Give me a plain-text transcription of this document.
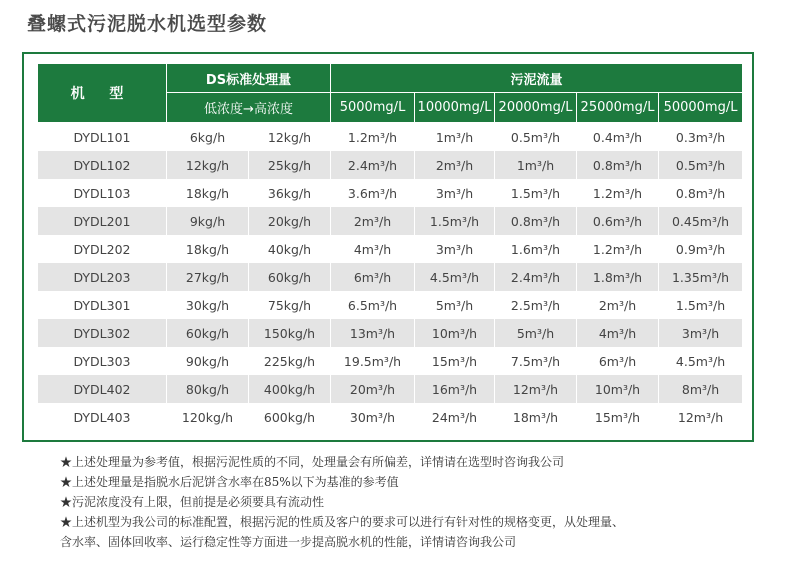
叠螺式污泥脱水机选型参数
机 型	DS标准处理量		污泥流量				
	低浓度→高浓度		5000mg/L	10000mg/L	20000mg/L	25000mg/L	50000mg/L
DYDL101	6kg/h	12kg/h	1.2m³/h	1m³/h	0.5m³/h	0.4m³/h	0.3m³/h
DYDL102	12kg/h	25kg/h	2.4m³/h	2m³/h	1m³/h	0.8m³/h	0.5m³/h
DYDL103	18kg/h	36kg/h	3.6m³/h	3m³/h	1.5m³/h	1.2m³/h	0.8m³/h
DYDL201	9kg/h	20kg/h	2m³/h	1.5m³/h	0.8m³/h	0.6m³/h	0.45m³/h
DYDL202	18kg/h	40kg/h	4m³/h	3m³/h	1.6m³/h	1.2m³/h	0.9m³/h
DYDL203	27kg/h	60kg/h	6m³/h	4.5m³/h	2.4m³/h	1.8m³/h	1.35m³/h
DYDL301	30kg/h	75kg/h	6.5m³/h	5m³/h	2.5m³/h	2m³/h	1.5m³/h
DYDL302	60kg/h	150kg/h	13m³/h	10m³/h	5m³/h	4m³/h	3m³/h
DYDL303	90kg/h	225kg/h	19.5m³/h	15m³/h	7.5m³/h	6m³/h	4.5m³/h
DYDL402	80kg/h	400kg/h	20m³/h	16m³/h	12m³/h	10m³/h	8m³/h
DYDL403	120kg/h	600kg/h	30m³/h	24m³/h	18m³/h	15m³/h	12m³/h

★上述处理量为参考值，根据污泥性质的不同，处理量会有所偏差，详情请在选型时咨询我公司

★上述处理量是指脱水后泥饼含水率在85%以下为基准的参考值

★污泥浓度没有上限，但前提是必须要具有流动性

★上述机型为我公司的标准配置，根据污泥的性质及客户的要求可以进行有针对性的规格变更，从处理量、

含水率、固体回收率、运行稳定性等方面进一步提高脱水机的性能，详情请咨询我公司
